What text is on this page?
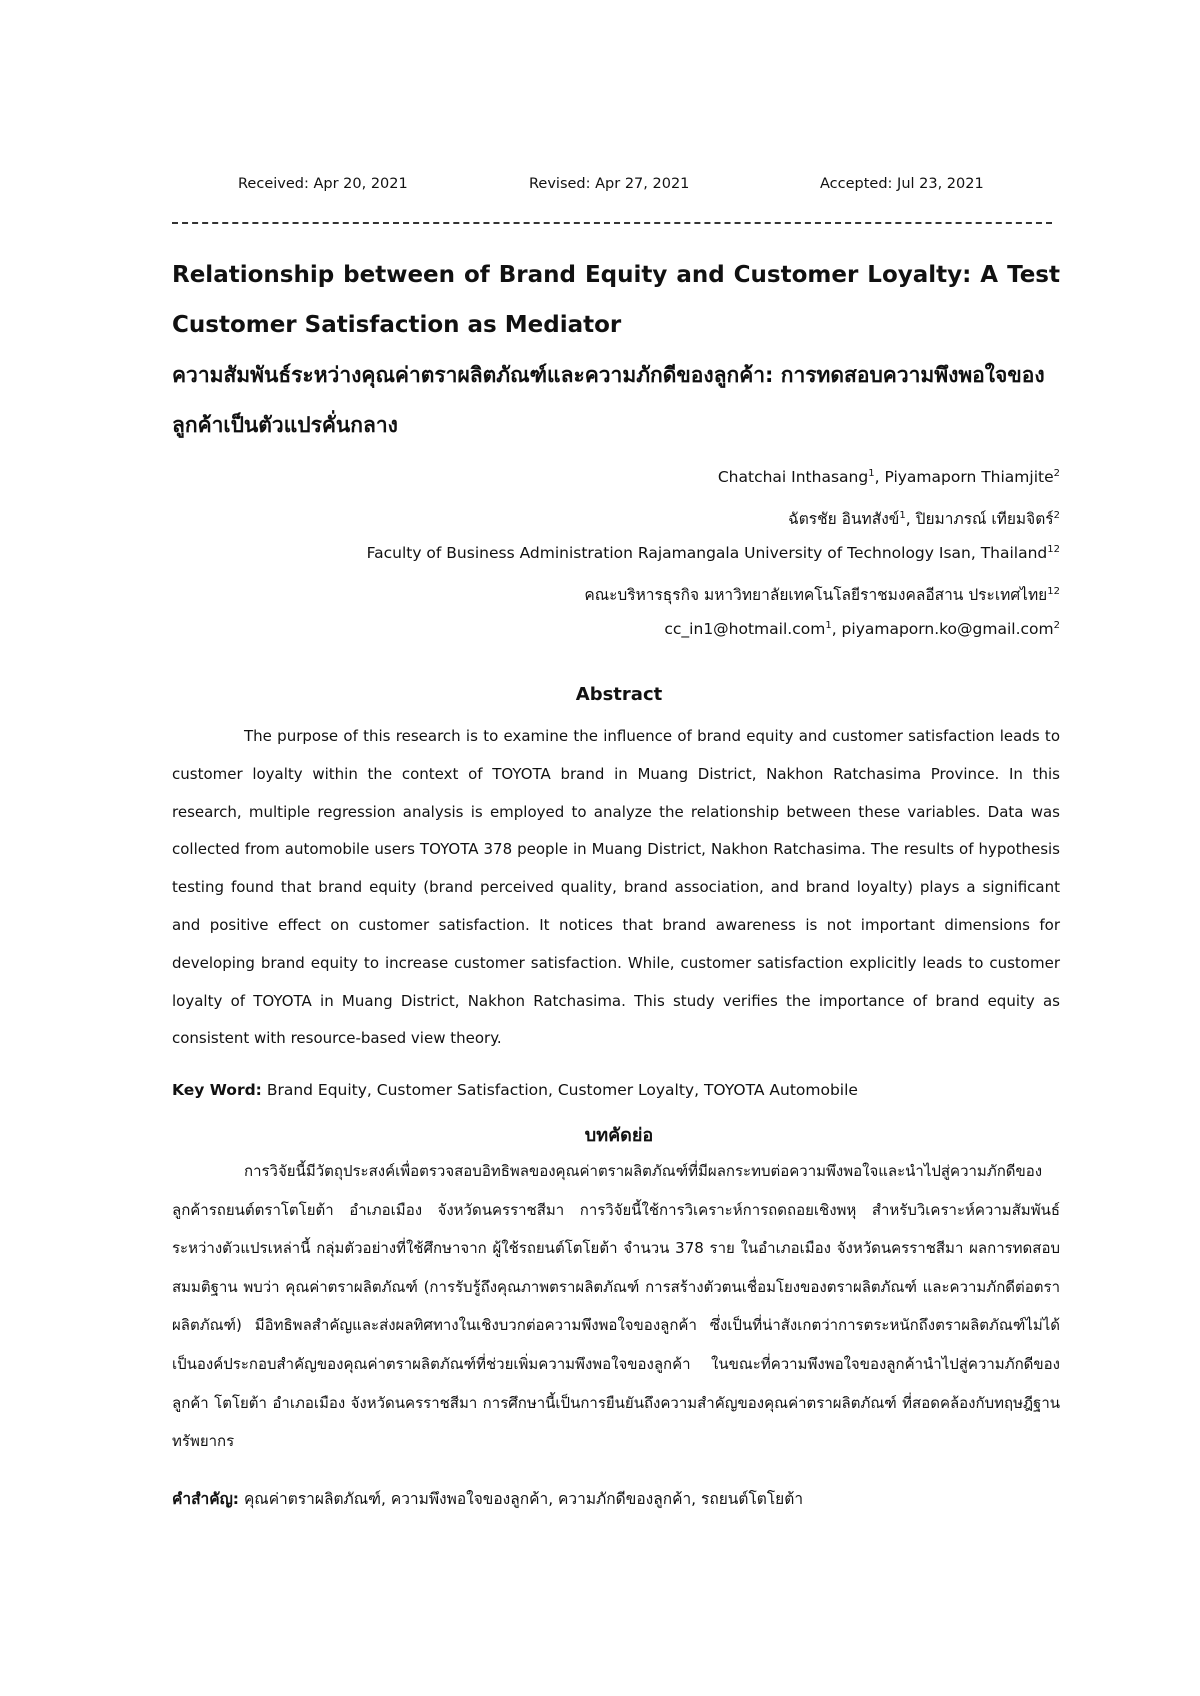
Received: Apr 20, 2021	Revised: Apr 27, 2021	Accepted: Jul 23, 2021
Relationship between of Brand Equity and Customer Loyalty: A Test Customer Satisfaction as Mediator
ความสัมพันธ์ระหว่างคุณค่าตราผลิตภัณฑ์และความภักดีของลูกค้า: การทดสอบความพึงพอใจของลูกค้าเป็นตัวแปรคั่นกลาง
Chatchai Inthasang$^1$, Piyamaporn Thiamjite$^2$
ฉัตรชัย อินทสังข์$^1$, ปิยมาภรณ์ เทียมจิตร์$^2$
Faculty of Business Administration Rajamangala University of Technology Isan, Thailand$^{12}$
คณะบริหารธุรกิจ มหาวิทยาลัยเทคโนโลยีราชมงคลอีสาน ประเทศไทย$^{12}$
cc_in1@hotmail.com$^1$, piyamaporn.ko@gmail.com$^2$
Abstract

The purpose of this research is to examine the influence of brand equity and customer satisfaction leads to customer loyalty within the context of TOYOTA brand in Muang District, Nakhon Ratchasima Province. In this research, multiple regression analysis is employed to analyze the relationship between these variables. Data was collected from automobile users TOYOTA 378 people in Muang District, Nakhon Ratchasima. The results of hypothesis testing found that brand equity (brand perceived quality, brand association, and brand loyalty) plays a significant and positive effect on customer satisfaction. It notices that brand awareness is not important dimensions for developing brand equity to increase customer satisfaction. While, customer satisfaction explicitly leads to customer loyalty of TOYOTA in Muang District, Nakhon Ratchasima. This study verifies the importance of brand equity as consistent with resource-based view theory.

Key Word: Brand Equity, Customer Satisfaction, Customer Loyalty, TOYOTA Automobile
บทคัดย่อ

การวิจัยนี้มีวัตถุประสงค์เพื่อตรวจสอบอิทธิพลของคุณค่าตราผลิตภัณฑ์ที่มีผลกระทบต่อความพึงพอใจและนำไปสู่ความภักดีของลูกค้ารถยนต์ตราโตโยต้า อำเภอเมือง จังหวัดนครราชสีมา การวิจัยนี้ใช้การวิเคราะห์การถดถอยเชิงพหุ สำหรับวิเคราะห์ความสัมพันธ์ระหว่างตัวแปรเหล่านี้ กลุ่มตัวอย่างที่ใช้ศึกษาจาก ผู้ใช้รถยนต์โตโยต้า จำนวน 378 ราย ในอำเภอเมือง จังหวัดนครราชสีมา ผลการทดสอบสมมติฐาน พบว่า คุณค่าตราผลิตภัณฑ์ (การรับรู้ถึงคุณภาพตราผลิตภัณฑ์ การสร้างตัวตนเชื่อมโยงของตราผลิตภัณฑ์ และความภักดีต่อตราผลิตภัณฑ์) มีอิทธิพลสำคัญและส่งผลทิศทางในเชิงบวกต่อความพึงพอใจของลูกค้า ซึ่งเป็นที่น่าสังเกตว่าการตระหนักถึงตราผลิตภัณฑ์ไม่ได้เป็นองค์ประกอบสำคัญของคุณค่าตราผลิตภัณฑ์ที่ช่วยเพิ่มความพึงพอใจของลูกค้า ในขณะที่ความพึงพอใจของลูกค้านำไปสู่ความภักดีของลูกค้า โตโยต้า อำเภอเมือง จังหวัดนครราชสีมา การศึกษานี้เป็นการยืนยันถึงความสำคัญของคุณค่าตราผลิตภัณฑ์ ที่สอดคล้องกับทฤษฎีฐานทรัพยากร

คำสำคัญ: คุณค่าตราผลิตภัณฑ์, ความพึงพอใจของลูกค้า, ความภักดีของลูกค้า, รถยนต์โตโยต้า
